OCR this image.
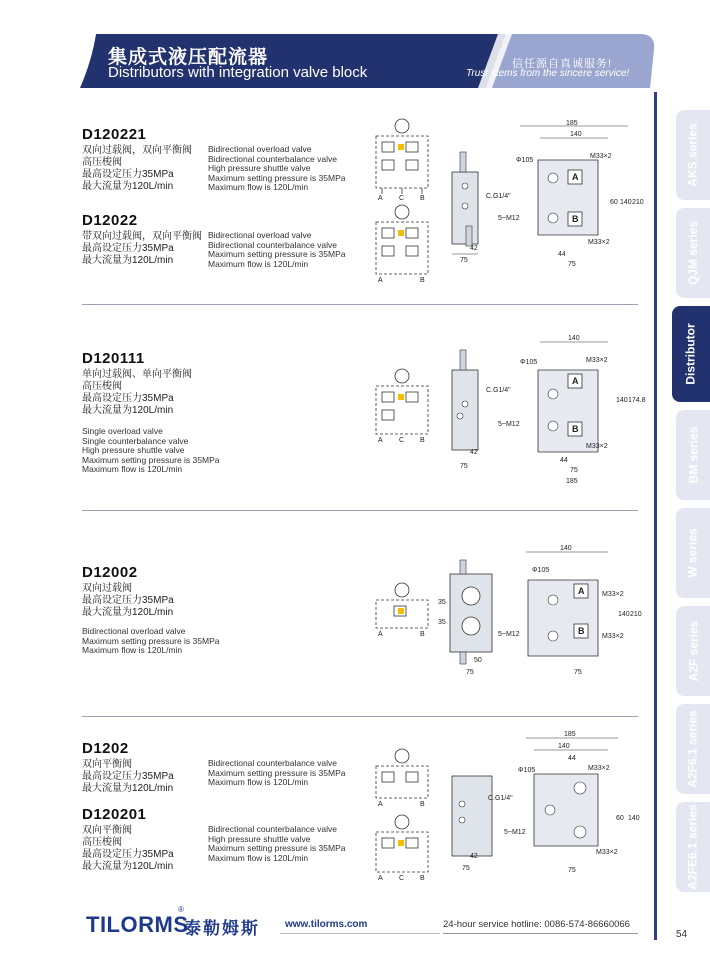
集成式液压配流器
Distributors with integration valve block	信任源自真诚服务!
Trust stems from the sincere service!
AKS series
QJM series
Distributor
BM series
W series
A2F series
A2F6.1 series
A2FE6.1 series
D120221
双向过载阀，双向平衡阀
高压梭阀
最高设定压力35MPa
最大流量为120L/min
Bidirectional overload valve
Bidirectional counterbalance valve
High pressure shuttle valve
Maximum setting pressure is 35MPa
Maximum flow is 120L/min
D12022
带双向过载阀，双向平衡阀
最高设定压力35MPa
最大流量为120L/min
Bidirectional overload valve
Bidirectional counterbalance valve
Maximum setting pressure is 35MPa
Maximum flow is 120L/min
A C B
A	B
C.G1/4"
42
75
185
140
A
B
Φ105
M33×2
M33×2
60 140 210
44
75
5~M12
D120111
单向过载阀、单向平衡阀
高压梭阀
最高设定压力35MPa
最大流量为120L/min
Single overload valve
Single counterbalance valve
High pressure shuttle valve
Maximum setting pressure is 35MPa
Maximum flow is 120L/min
A C B
C.G1/4"
42
75
140
A
B
Φ105	M33×2
M33×2
140 174.8
44
75
185
5~M12
D12002
双向过载阀
最高设定压力35MPa
最大流量为120L/min
Bidirectional overload valve
Maximum setting pressure is 35MPa
Maximum flow is 120L/min
A	B
35
35
50
75
140
A
B
Φ105
M33×2
M33×2
140 210
75
5~M12
D1202
双向平衡阀
最高设定压力35MPa
最大流量为120L/min
Bidirectional counterbalance valve
Maximum setting pressure is 35MPa
Maximum flow is 120L/min
D120201
双向平衡阀
高压梭阀
最高设定压力35MPa
最大流量为120L/min
Bidirectional counterbalance valve
High pressure shuttle valve
Maximum setting pressure is 35MPa
Maximum flow is 120L/min
A	B
A C B
C.G1/4"
42
75
185
140
44
Φ105	M33×2
M33×2
60 140
75
5~M12
TILORMS
®
泰勒姆斯	www.tilorms.com	24-hour service hotline: 0086-574-86660066
54
